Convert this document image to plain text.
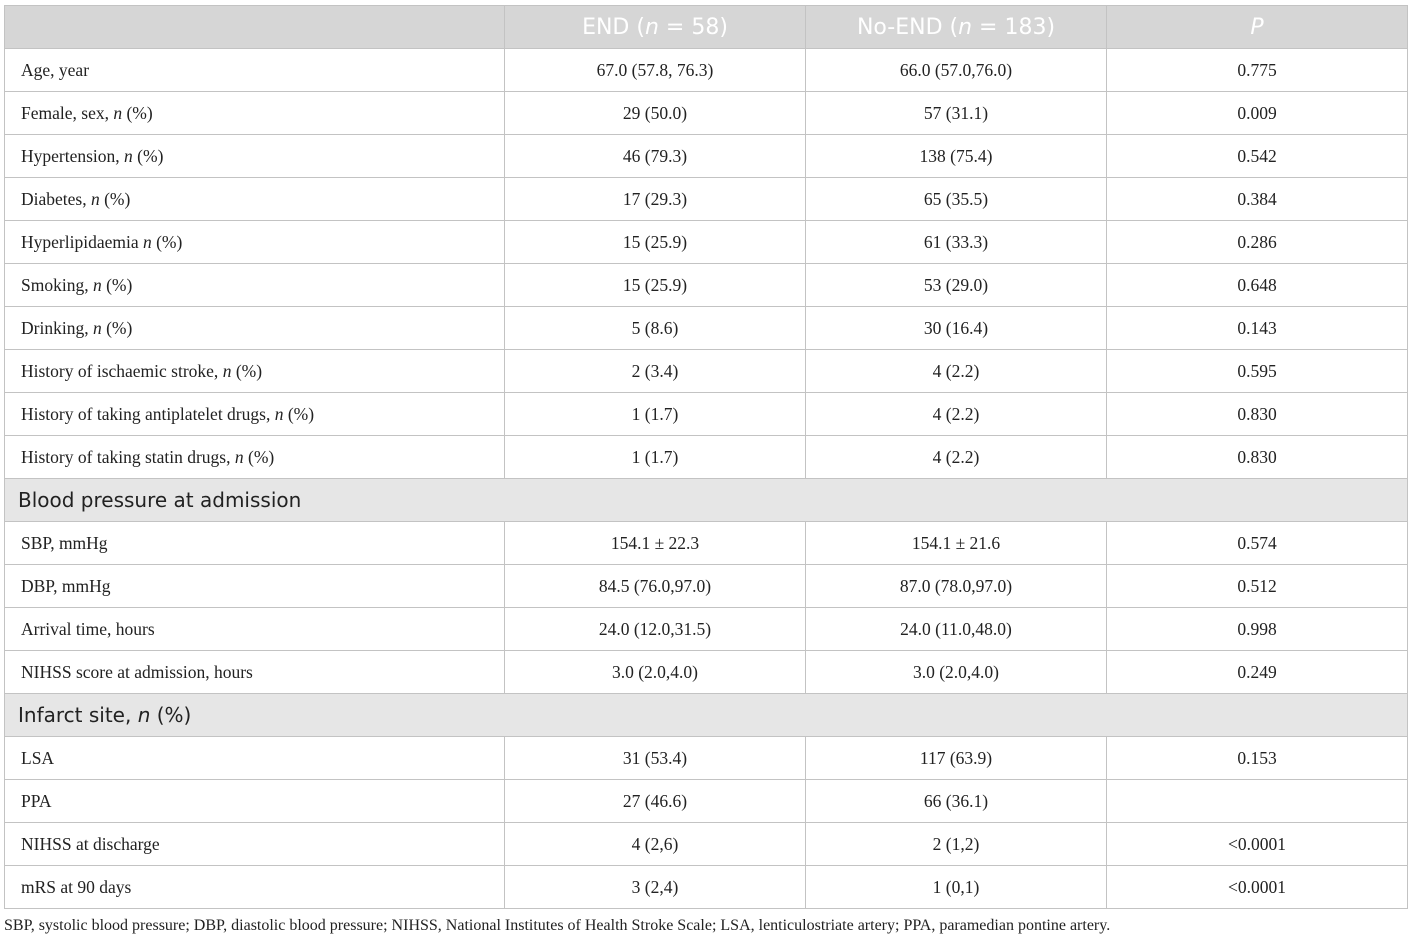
	END (n = 58)	No-END (n = 183)	P
Age, year	67.0 (57.8, 76.3)	66.0 (57.0,76.0)	0.775
Female, sex, n (%)	29 (50.0)	57 (31.1)	0.009
Hypertension, n (%)	46 (79.3)	138 (75.4)	0.542
Diabetes, n (%)	17 (29.3)	65 (35.5)	0.384
Hyperlipidaemia n (%)	15 (25.9)	61 (33.3)	0.286
Smoking, n (%)	15 (25.9)	53 (29.0)	0.648
Drinking, n (%)	5 (8.6)	30 (16.4)	0.143
History of ischaemic stroke, n (%)	2 (3.4)	4 (2.2)	0.595
History of taking antiplatelet drugs, n (%)	1 (1.7)	4 (2.2)	0.830
History of taking statin drugs, n (%)	1 (1.7)	4 (2.2)	0.830
Blood pressure at admission			
SBP, mmHg	154.1 ± 22.3	154.1 ± 21.6	0.574
DBP, mmHg	84.5 (76.0,97.0)	87.0 (78.0,97.0)	0.512
Arrival time, hours	24.0 (12.0,31.5)	24.0 (11.0,48.0)	0.998
NIHSS score at admission, hours	3.0 (2.0,4.0)	3.0 (2.0,4.0)	0.249
Infarct site, n (%)			
LSA	31 (53.4)	117 (63.9)	0.153
PPA	27 (46.6)	66 (36.1)	
NIHSS at discharge	4 (2,6)	2 (1,2)	<0.0001
mRS at 90 days	3 (2,4)	1 (0,1)	<0.0001
SBP, systolic blood pressure; DBP, diastolic blood pressure; NIHSS, National Institutes of Health Stroke Scale; LSA, lenticulostriate artery; PPA, paramedian pontine artery.
